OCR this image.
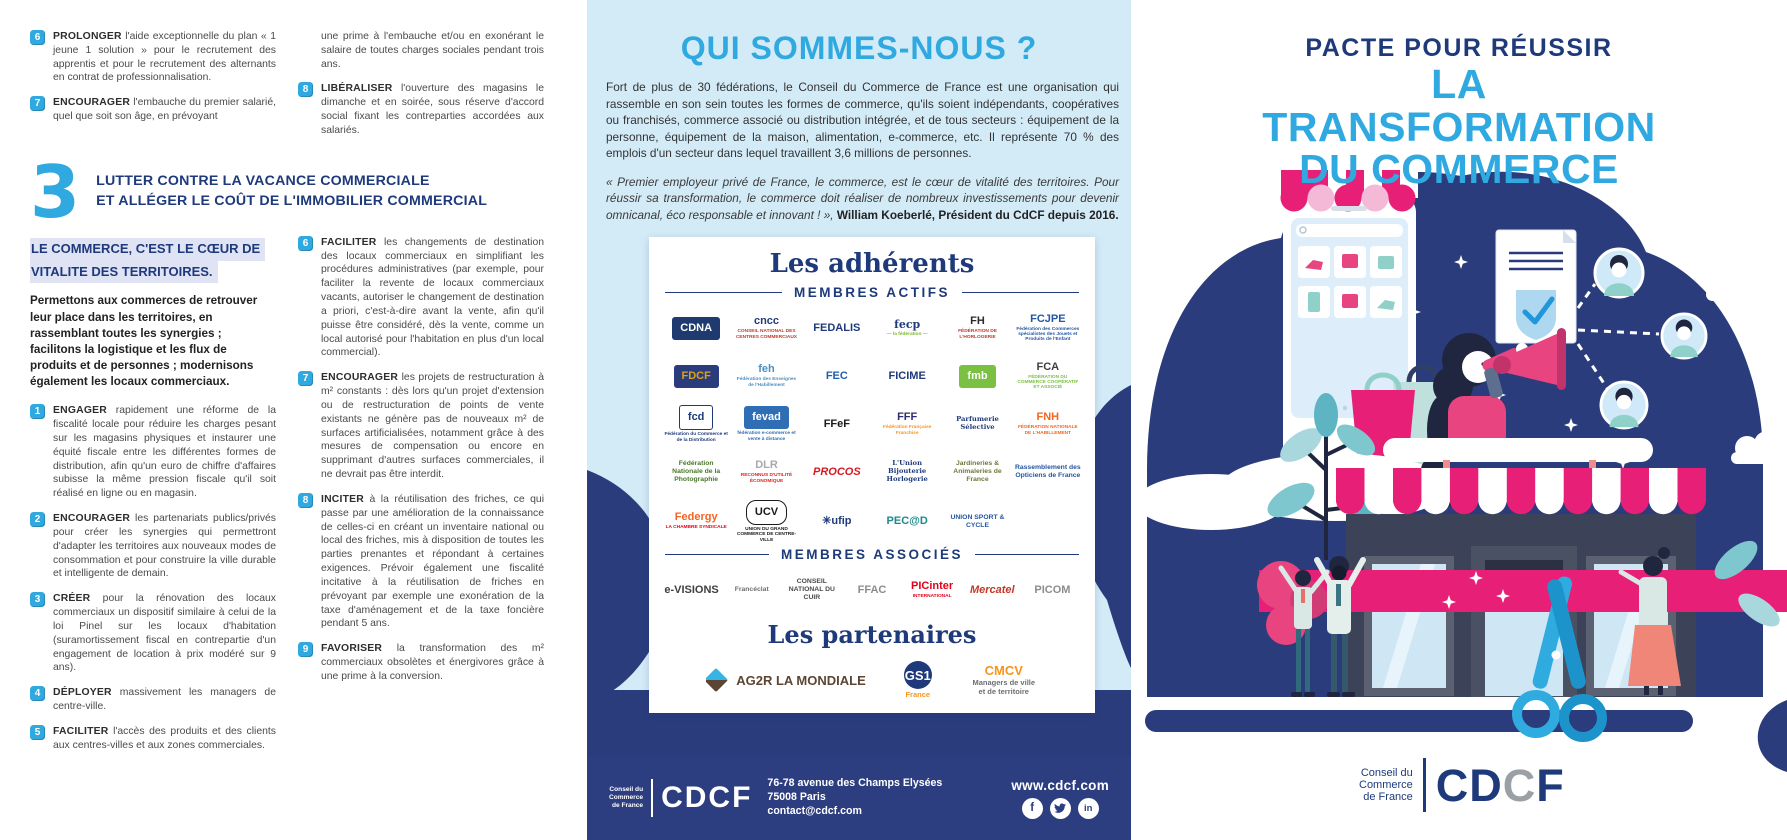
6	PROLONGER l'aide exceptionnelle du plan « 1 jeune 1 solution » pour le recrutement des apprentis et pour le recrutement des alternants en contrat de professionnalisation.
7	ENCOURAGER l'embauche du premier salarié, quel que soit son âge, en prévoyant

une prime à l'embauche et/ou en exonérant le salaire de toutes charges sociales pendant trois ans.

8	LIBÉRALISER l'ouverture des magasins le dimanche et en soirée, sous réserve d'accord social fixant les contreparties accordées aux salariés.
3 LUTTER CONTRE LA VACANCE COMMERCIALE
ET ALLÉGER LE COÛT DE L'IMMOBILIER COMMERCIAL
LE COMMERCE, C'EST LE CŒUR DE
VITALITE DES TERRITOIRES.

Permettons aux commerces de retrouver leur place dans les territoires, en rassemblant toutes les synergies ; facilitons la logistique et les flux de produits et de personnes ; modernisons également les locaux commerciaux.

1	ENGAGER rapidement une réforme de la fiscalité locale pour réduire les charges pesant sur les magasins physiques et instaurer une équité fiscale entre les différentes formes de distribution, afin qu'un euro de chiffre d'affaires subisse la même pression fiscale qu'il soit réalisé en ligne ou en magasin.
2	ENCOURAGER les partenariats publics/privés pour créer les synergies qui permettront d'adapter les territoires aux nouveaux modes de consommation et pour construire la ville durable et intelligente de demain.
3	CRÉER pour la rénovation des locaux commerciaux un dispositif similaire à celui de la loi Pinel sur les locaux d'habitation (suramortissement fiscal en contrepartie d'un engagement de location à prix modéré sur 9 ans).
4	DÉPLOYER massivement les managers de centre-ville.
5	FACILITER l'accès des produits et des clients aux centres-villes et aux zones commerciales.
6	FACILITER les changements de destination des locaux commerciaux en simplifiant les procédures administratives (par exemple, pour faciliter la revente de locaux commerciaux vacants, autoriser le changement de destination a priori, c'est-à-dire avant la vente, afin qu'il puisse être considéré, dès la vente, comme un local autorisé pour l'habitation en plus d'un local commercial).
7	ENCOURAGER les projets de restructuration à m² constants : dès lors qu'un projet d'extension ou de restructuration de points de vente existants ne génère pas de nouveaux m² de surfaces artificialisées, notamment grâce à des mesures de compensation ou encore en supprimant d'autres surfaces commerciales, il ne devrait pas être interdit.
8	INCITER à la réutilisation des friches, ce qui passe par une amélioration de la connaissance de celles-ci en créant un inventaire national ou local des friches, mis à disposition de toutes les parties prenantes et répondant à certaines exigences. Prévoir également une fiscalité incitative à la réutilisation de friches en prévoyant par exemple une exonération de la taxe d'aménagement et de la taxe foncière pendant 5 ans.
9	FAVORISER la transformation des m² commerciaux obsolètes et énergivores grâce à une prime à la conversion.
QUI SOMMES-NOUS ?

Fort de plus de 30 fédérations, le Conseil du Commerce de France est une organisation qui rassemble en son sein toutes les formes de commerce, qu'ils soient indépendants, coopératives ou franchisés, commerce associé ou distribution intégrée, et de tous secteurs : équipement de la personne, équipement de la maison, alimentation, e-commerce, etc. Il représente 70 % des emplois d'un secteur dans lequel travaillent 3,6 millions de personnes.

« Premier employeur privé de France, le commerce, est le cœur de vitalité des territoires. Pour réussir sa transformation, le commerce doit réaliser de nombreux investissements pour devenir omnicanal, éco responsable et innovant ! », William Koeberlé, Président du CdCF depuis 2016.

Les adhérents
MEMBRES ACTIFS
CDNA
cncc
CONSEIL NATIONAL DES CENTRES COMMERCIAUX
FEDALIS	fecp
— la fédération —
FH
FÉDÉRATION DE L'HORLOGERIE
FCJPE
Fédération des Commerces spécialistes des Jouets et Produits de l'Enfant
FDCF
feh
Fédération des Enseignes de l'Habillement
FEC	FICIME	fmb
FCA
FÉDÉRATION DU COMMERCE COOPÉRATIF ET ASSOCIÉ
fcd
Fédération du Commerce et de la Distribution
fevad
fédération e-commerce et vente à distance
FFeF
FFF
Fédération Française Franchise
Parfumerie Sélective
FNH
FÉDÉRATION NATIONALE DE L'HABILLEMENT
Fédération Nationale de la Photographie
DLR
RECONNUS D'UTILITÉ ÉCONOMIQUE
PROCOS
L'Union Bijouterie Horlogerie
Jardineries & Animaleries de France
Rassemblement des Opticiens de France
Federgy
LA CHAMBRE SYNDICALE
UCV
UNION DU GRAND COMMERCE DE CENTRE-VILLE
✳ufip	PEC@D	UNION SPORT & CYCLE
MEMBRES ASSOCIÉS
e-VISIONS Francéclat
CONSEIL NATIONAL DU CUIR
FFAC PICinter
INTERNATIONAL
Mercatel PICOM
Les partenaires
AG2R LA MONDIALE	GS1
France
CMCV
Managers de ville et de territoire
Conseil du
Commerce
de France CDCF 76-78 avenue des Champs Elysées
75008 Paris
contact@cdcf.com
www.cdcf.com
f	in
PACTE POUR RÉUSSIR
LA TRANSFORMATION
DU COMMERCE
Conseil du
Commerce
de France CDCF
